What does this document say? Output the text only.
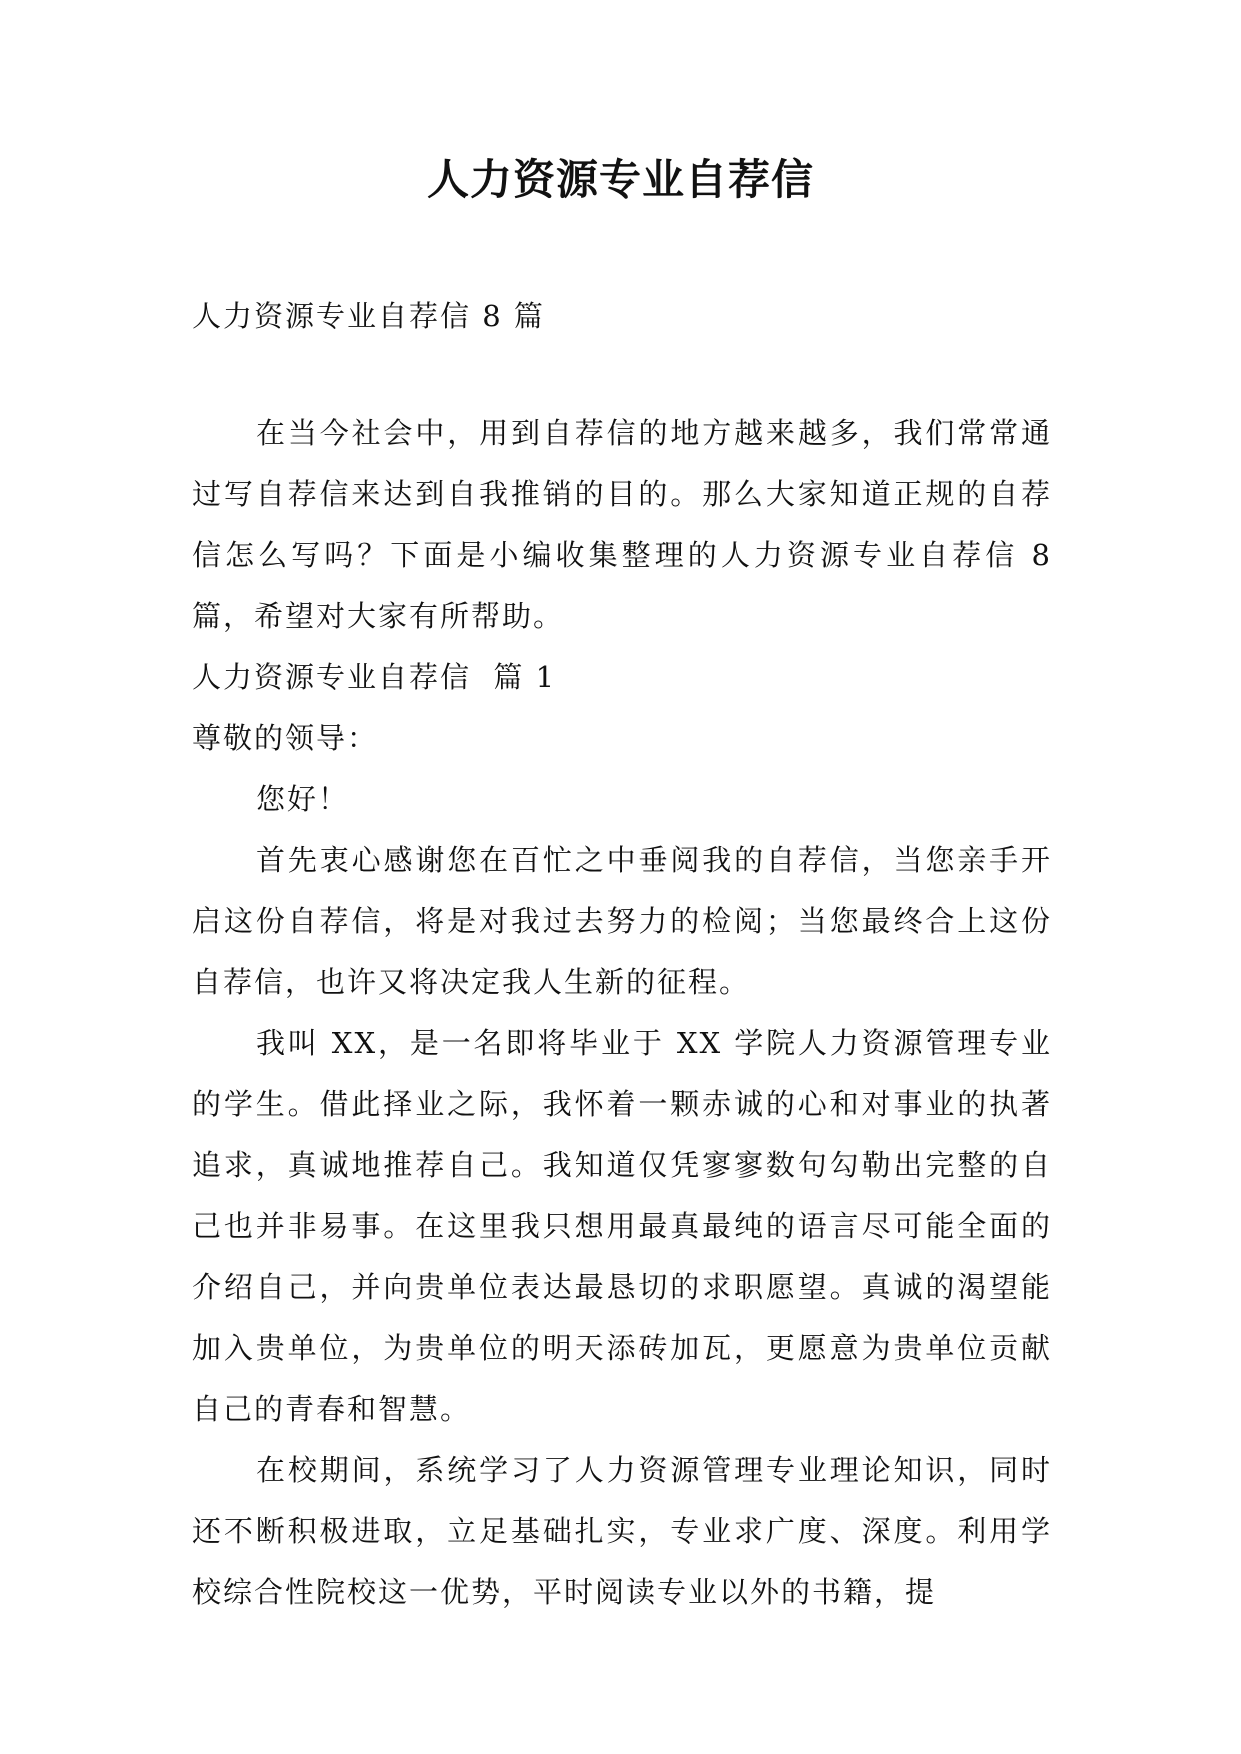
人力资源专业自荐信

人力资源专业自荐信 8 篇

在当今社会中，用到自荐信的地方越来越多，我们常常通过写自荐信来达到自我推销的目的。那么大家知道正规的自荐信怎么写吗？下面是小编收集整理的人力资源专业自荐信 8 篇，希望对大家有所帮助。

人力资源专业自荐信  篇 1

尊敬的领导：

您好！

首先衷心感谢您在百忙之中垂阅我的自荐信，当您亲手开启这份自荐信，将是对我过去努力的检阅；当您最终合上这份自荐信，也许又将决定我人生新的征程。

我叫 XX，是一名即将毕业于 XX 学院人力资源管理专业的学生。借此择业之际，我怀着一颗赤诚的心和对事业的执著追求，真诚地推荐自己。我知道仅凭寥寥数句勾勒出完整的自己也并非易事。在这里我只想用最真最纯的语言尽可能全面的介绍自己，并向贵单位表达最恳切的求职愿望。真诚的渴望能加入贵单位，为贵单位的明天添砖加瓦，更愿意为贵单位贡献自己的青春和智慧。

在校期间，系统学习了人力资源管理专业理论知识，同时还不断积极进取，立足基础扎实，专业求广度、深度。利用学校综合性院校这一优势，平时阅读专业以外的书籍，提
